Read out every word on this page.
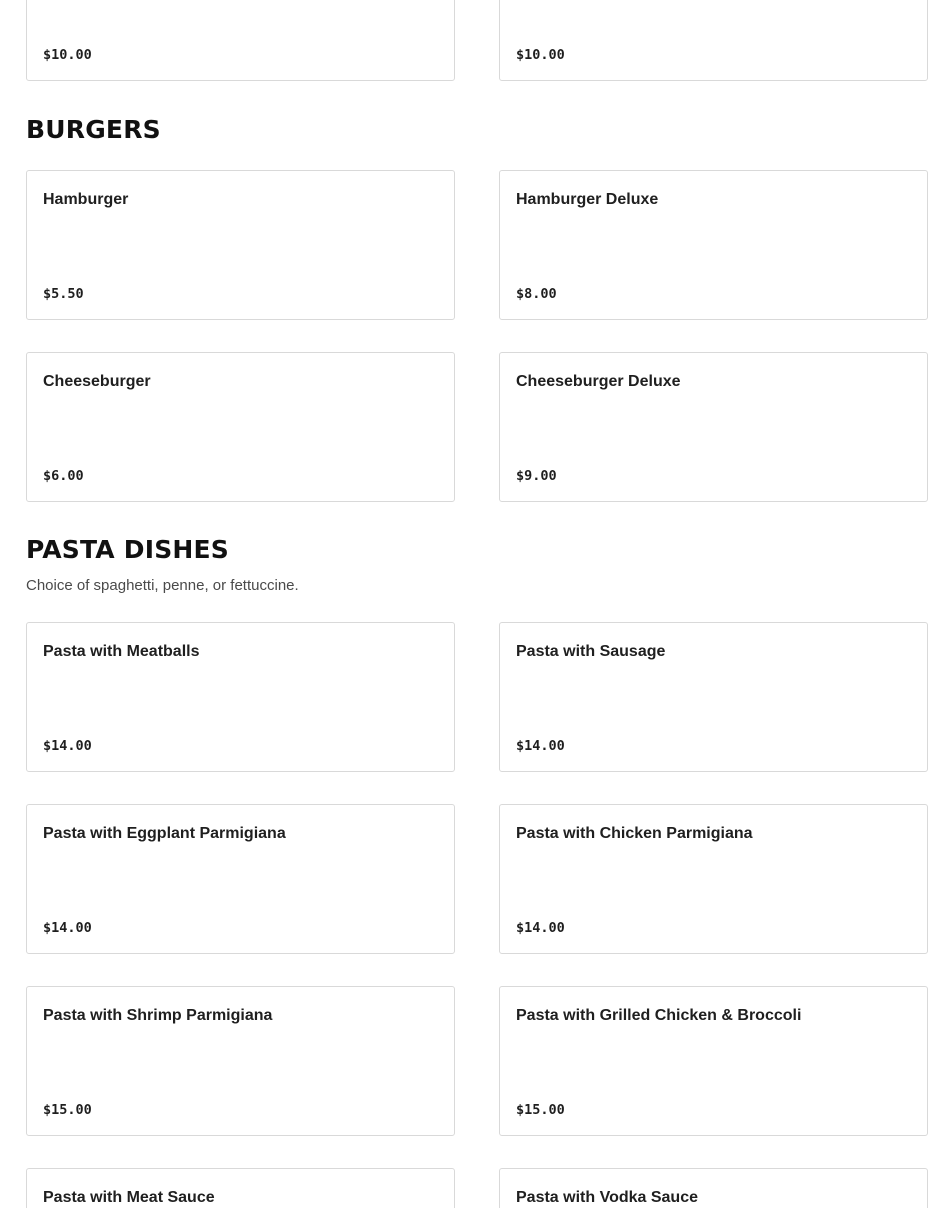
$10.00	$10.00
BURGERS
Hamburger
$5.50
Hamburger Deluxe
$8.00
Cheeseburger
$6.00
Cheeseburger Deluxe
$9.00
PASTA DISHES

Choice of spaghetti, penne, or fettuccine.

Pasta with Meatballs
$14.00
Pasta with Sausage
$14.00
Pasta with Eggplant Parmigiana
$14.00
Pasta with Chicken Parmigiana
$14.00
Pasta with Shrimp Parmigiana
$15.00
Pasta with Grilled Chicken & Broccoli
$15.00
Pasta with Meat Sauce	Pasta with Vodka Sauce
